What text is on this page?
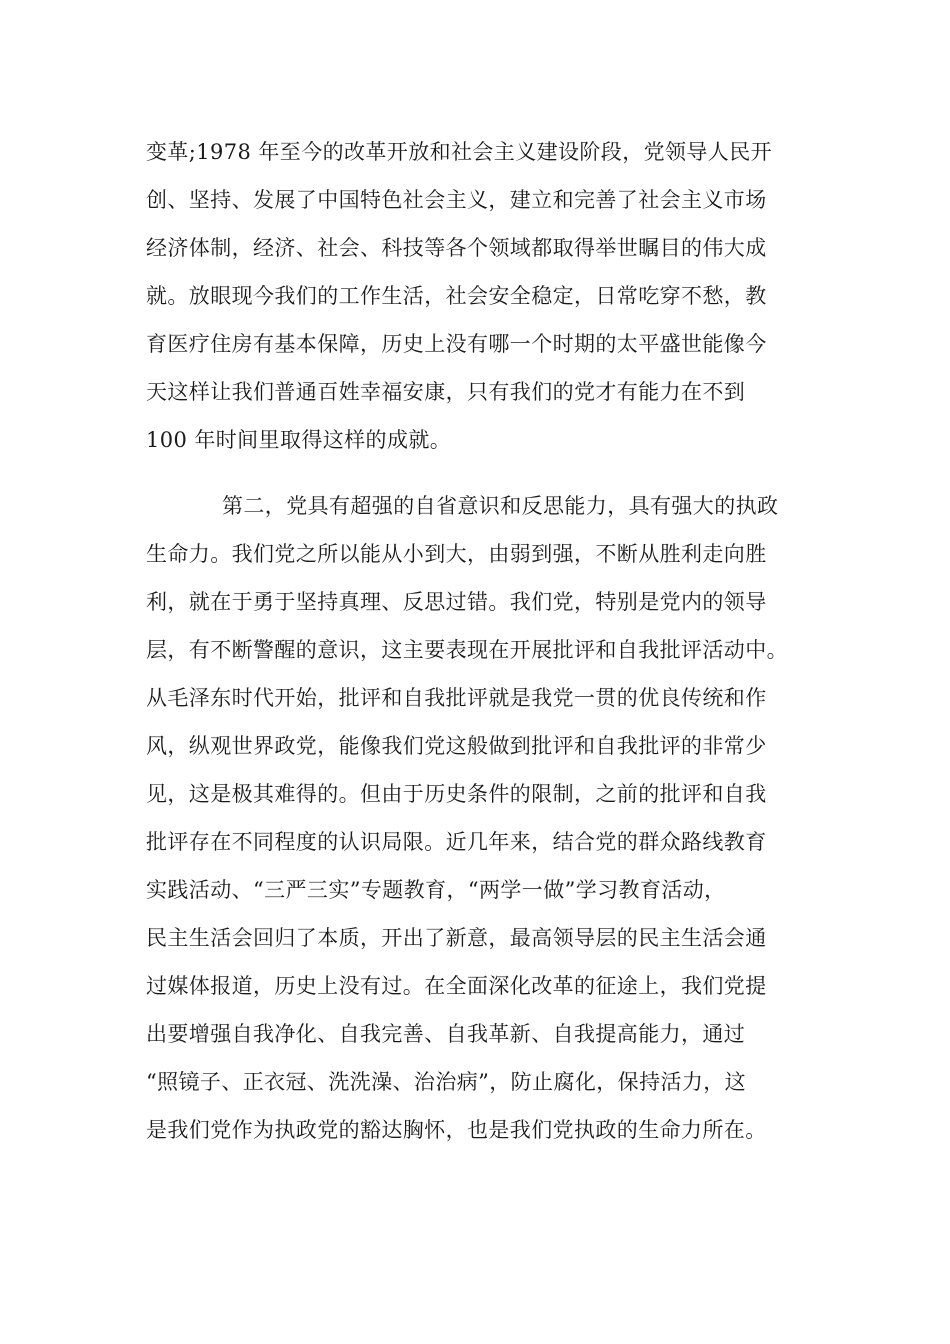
变革;1978 年至今的改革开放和社会主义建设阶段，党领导人民开
创、坚持、发展了中国特色社会主义，建立和完善了社会主义市场
经济体制，经济、社会、科技等各个领域都取得举世瞩目的伟大成
就。放眼现今我们的工作生活，社会安全稳定，日常吃穿不愁，教
育医疗住房有基本保障，历史上没有哪一个时期的太平盛世能像今
天这样让我们普通百姓幸福安康，只有我们的党才有能力在不到
100 年时间里取得这样的成就。
第二，党具有超强的自省意识和反思能力，具有强大的执政
生命力。我们党之所以能从小到大，由弱到强，不断从胜利走向胜
利，就在于勇于坚持真理、反思过错。我们党，特别是党内的领导
层，有不断警醒的意识，这主要表现在开展批评和自我批评活动中。
从毛泽东时代开始，批评和自我批评就是我党一贯的优良传统和作
风，纵观世界政党，能像我们党这般做到批评和自我批评的非常少
见，这是极其难得的。但由于历史条件的限制，之前的批评和自我
批评存在不同程度的认识局限。近几年来，结合党的群众路线教育
实践活动、“三严三实”专题教育，“两学一做”学习教育活动，
民主生活会回归了本质，开出了新意，最高领导层的民主生活会通
过媒体报道，历史上没有过。在全面深化改革的征途上，我们党提
出要增强自我净化、自我完善、自我革新、自我提高能力，通过
“照镜子、正衣冠、洗洗澡、治治病”，防止腐化，保持活力，这
是我们党作为执政党的豁达胸怀，也是我们党执政的生命力所在。
